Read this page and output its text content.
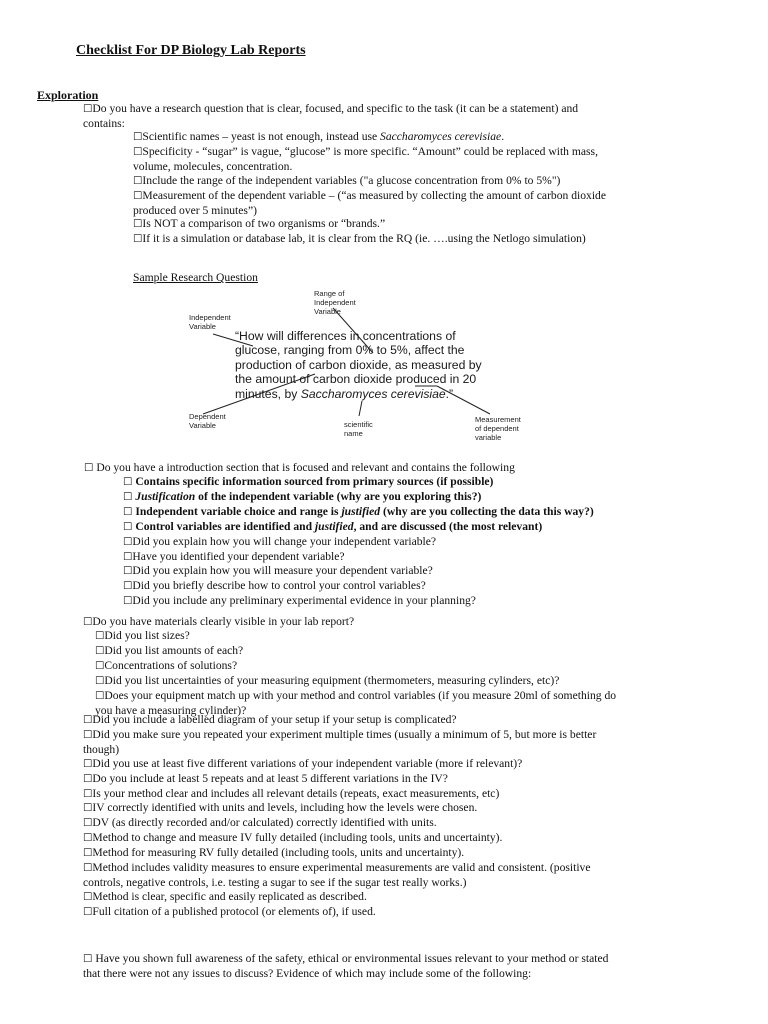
Checklist For DP Biology Lab Reports
Exploration
☐Do you have a research question that is clear, focused, and specific to the task (it can be a statement) and
contains:
☐Scientific names – yeast is not enough, instead use Saccharomyces cerevisiae.
☐Specificity - “sugar” is vague, “glucose” is more specific. “Amount” could be replaced with mass,
volume, molecules, concentration.
☐Include the range of the independent variables ("a glucose concentration from 0% to 5%")
☐Measurement of the dependent variable – (“as measured by collecting the amount of carbon dioxide
produced over 5 minutes”)
☐Is NOT a comparison of two organisms or “brands.”
☐If it is a simulation or database lab, it is clear from the RQ (ie. ….using the Netlogo simulation)
Sample Research Question
Independent
Variable
Range of
Independent
Variable
Dependent
Variable	scientific
name
Measurement
of dependent
variable
“How will differences in concentrations of
glucose, ranging from 0% to 5%, affect the
production of carbon dioxide, as measured by
the amount of carbon dioxide produced in 20
minutes, by Saccharomyces cerevisiae.”
☐ Do you have a introduction section that is focused and relevant and contains the following
☐ Contains specific information sourced from primary sources (if possible)
☐ Justification of the independent variable (why are you exploring this?)
☐ Independent variable choice and range is justified (why are you collecting the data this way?)
☐ Control variables are identified and justified, and are discussed (the most relevant)
☐Did you explain how you will change your independent variable?
☐Have you identified your dependent variable?
☐Did you explain how you will measure your dependent variable?
☐Did you briefly describe how to control your control variables?
☐Did you include any preliminary experimental evidence in your planning?
☐Do you have materials clearly visible in your lab report?
☐Did you list sizes?
☐Did you list amounts of each?
☐Concentrations of solutions?
☐Did you list uncertainties of your measuring equipment (thermometers, measuring cylinders, etc)?
☐Does your equipment match up with your method and control variables (if you measure 20ml of something do
you have a measuring cylinder)?
☐Did you include a labelled diagram of your setup if your setup is complicated?
☐Did you make sure you repeated your experiment multiple times (usually a minimum of 5, but more is better
though)
☐Did you use at least five different variations of your independent variable (more if relevant)?
☐Do you include at least 5 repeats and at least 5 different variations in the IV?
☐Is your method clear and includes all relevant details (repeats, exact measurements, etc)
☐IV correctly identified with units and levels, including how the levels were chosen.
☐DV (as directly recorded and/or calculated) correctly identified with units.
☐Method to change and measure IV fully detailed (including tools, units and uncertainty).
☐Method for measuring RV fully detailed (including tools, units and uncertainty).
☐Method includes validity measures to ensure experimental measurements are valid and consistent. (positive
controls, negative controls, i.e. testing a sugar to see if the sugar test really works.)
☐Method is clear, specific and easily replicated as described.
☐Full citation of a published protocol (or elements of), if used.
☐ Have you shown full awareness of the safety, ethical or environmental issues relevant to your method or stated
that there were not any issues to discuss? Evidence of which may include some of the following:
